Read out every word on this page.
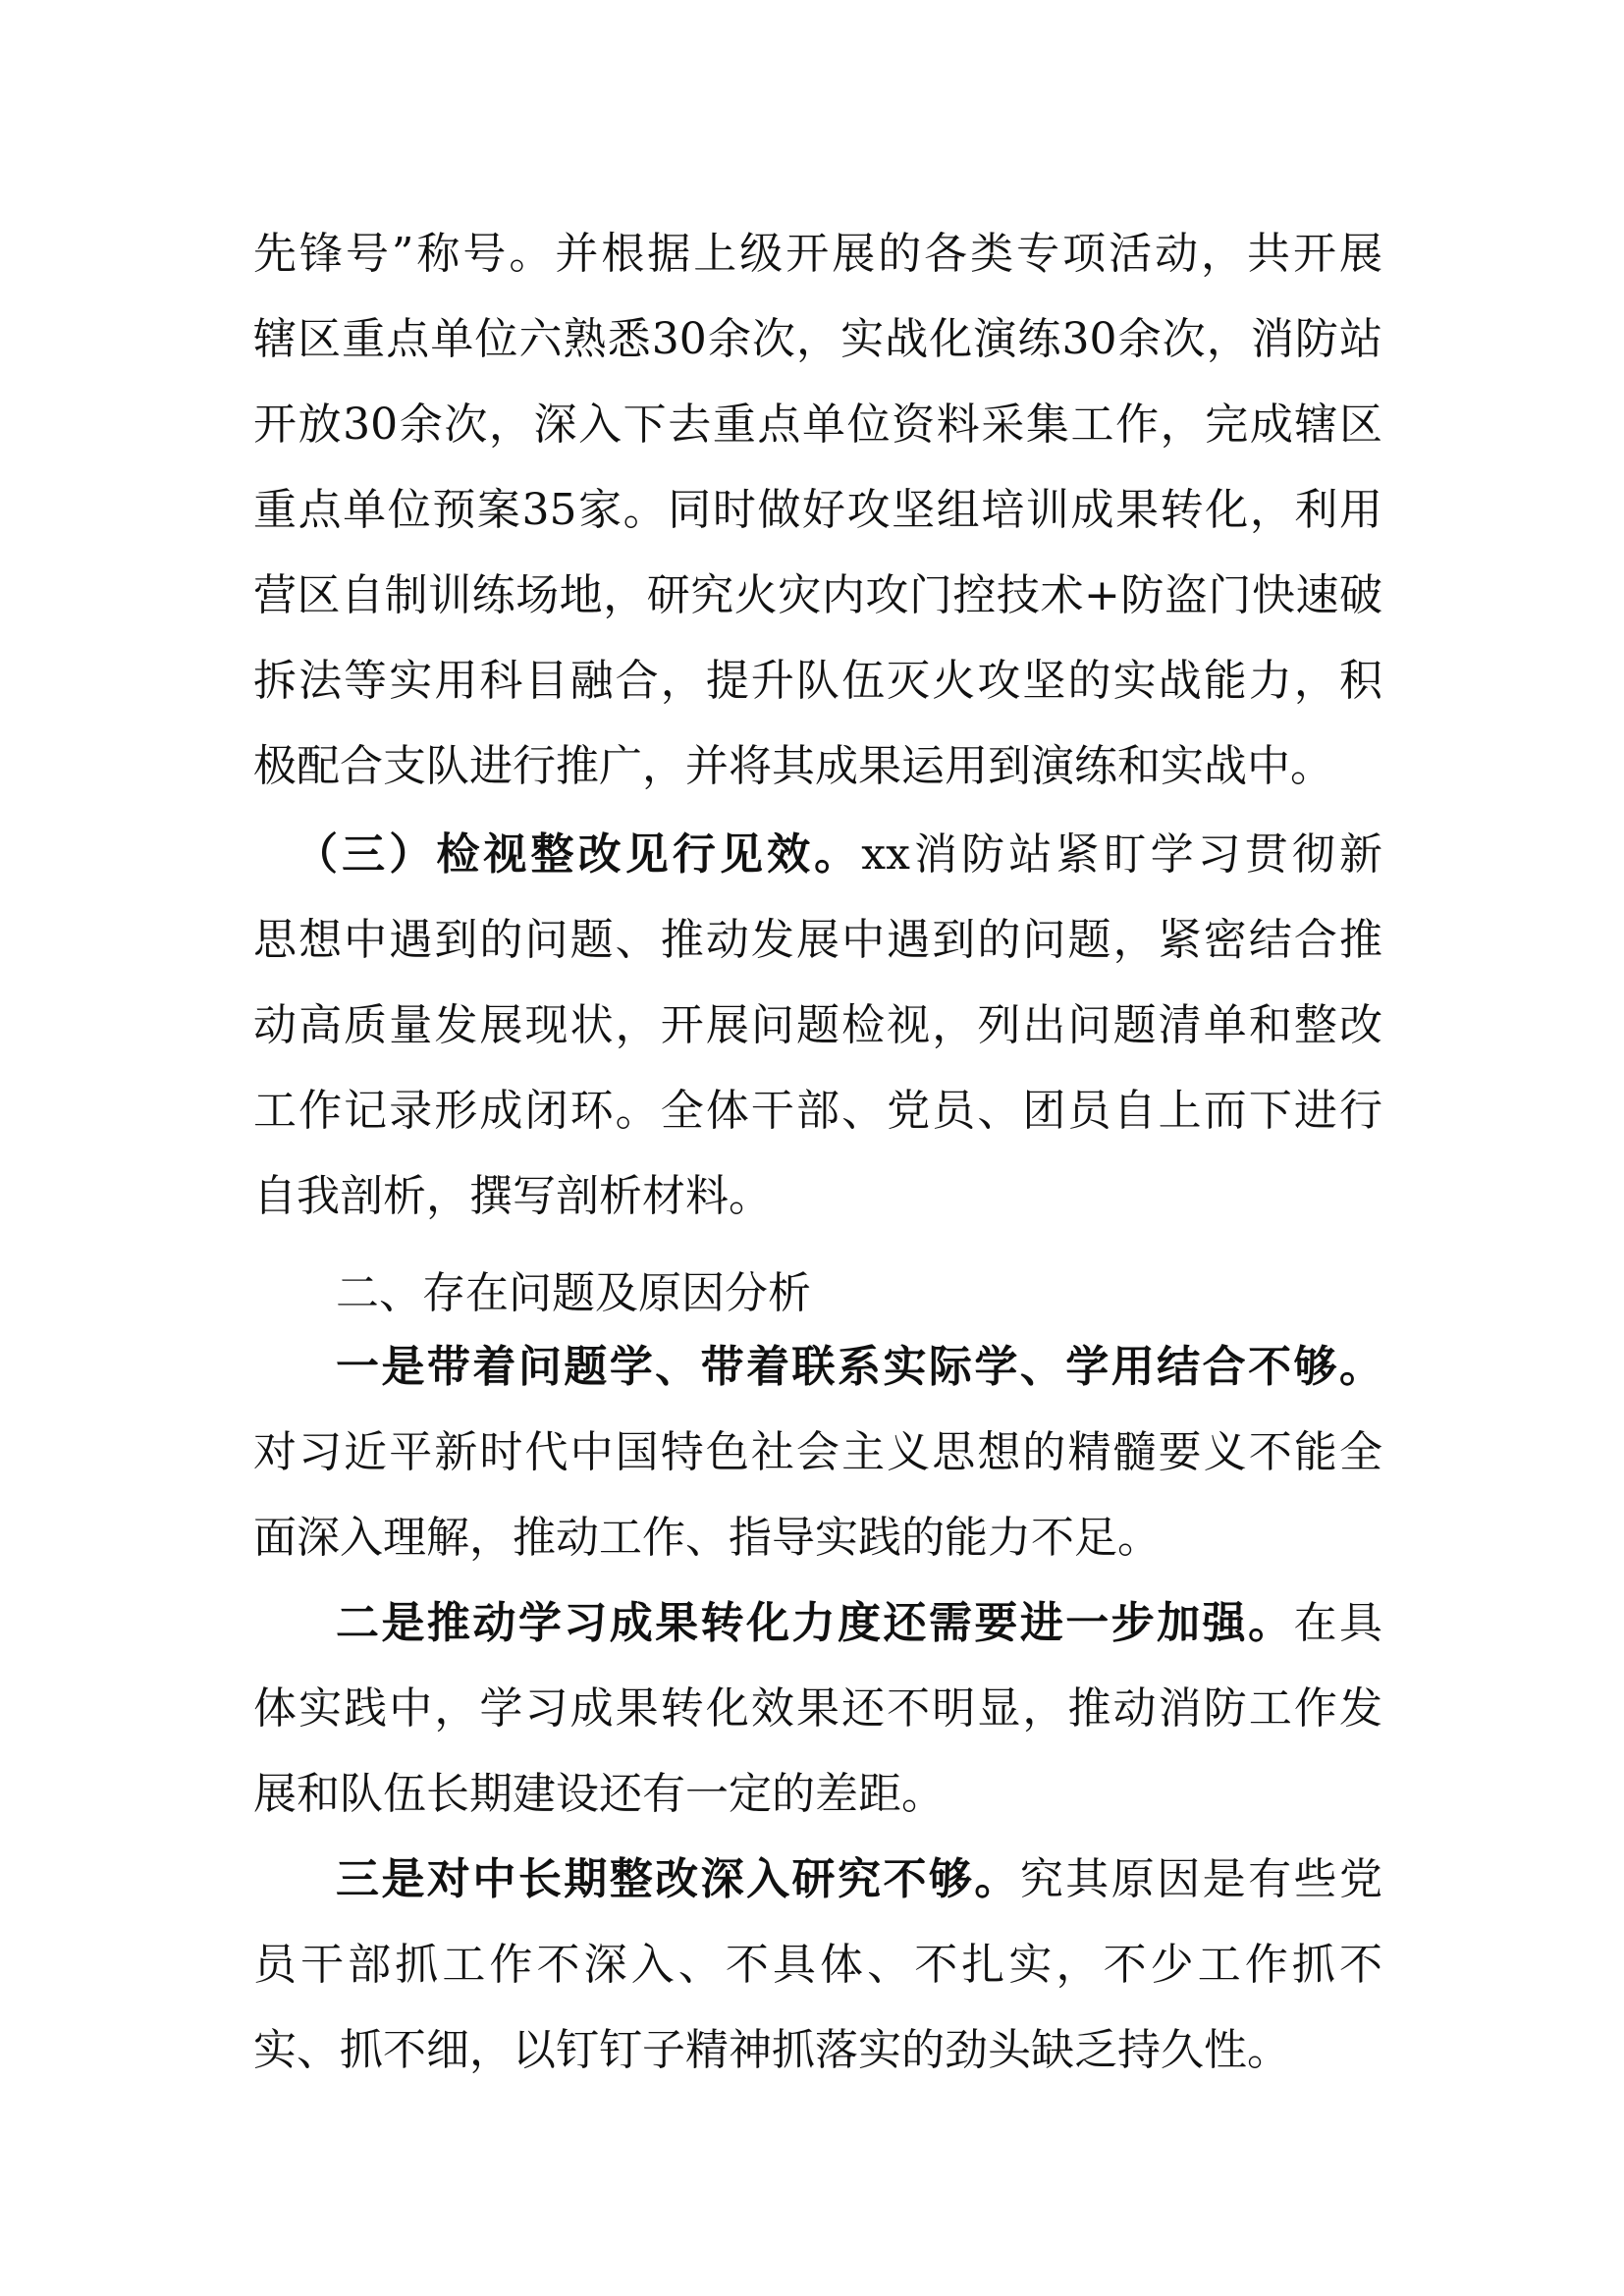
先锋号”称号。并根据上级开展的各类专项活动，共开展
辖区重点单位六熟悉30余次，实战化演练30余次，消防站
开放30余次，深入下去重点单位资料采集工作，完成辖区
重点单位预案35家。同时做好攻坚组培训成果转化，利用
营区自制训练场地，研究火灾内攻门控技术+防盗门快速破
拆法等实用科目融合，提升队伍灭火攻坚的实战能力，积
极配合支队进行推广，并将其成果运用到演练和实战中。
（三）检视整改见行见效。xx消防站紧盯学习贯彻新
思想中遇到的问题、推动发展中遇到的问题，紧密结合推
动高质量发展现状，开展问题检视，列出问题清单和整改
工作记录形成闭环。全体干部、党员、团员自上而下进行
自我剖析，撰写剖析材料。
二、存在问题及原因分析
一是带着问题学、带着联系实际学、学用结合不够。
对习近平新时代中国特色社会主义思想的精髓要义不能全
面深入理解，推动工作、指导实践的能力不足。
二是推动学习成果转化力度还需要进一步加强。在具
体实践中，学习成果转化效果还不明显，推动消防工作发
展和队伍长期建设还有一定的差距。
三是对中长期整改深入研究不够。究其原因是有些党
员干部抓工作不深入、不具体、不扎实，不少工作抓不
实、抓不细，以钉钉子精神抓落实的劲头缺乏持久性。
